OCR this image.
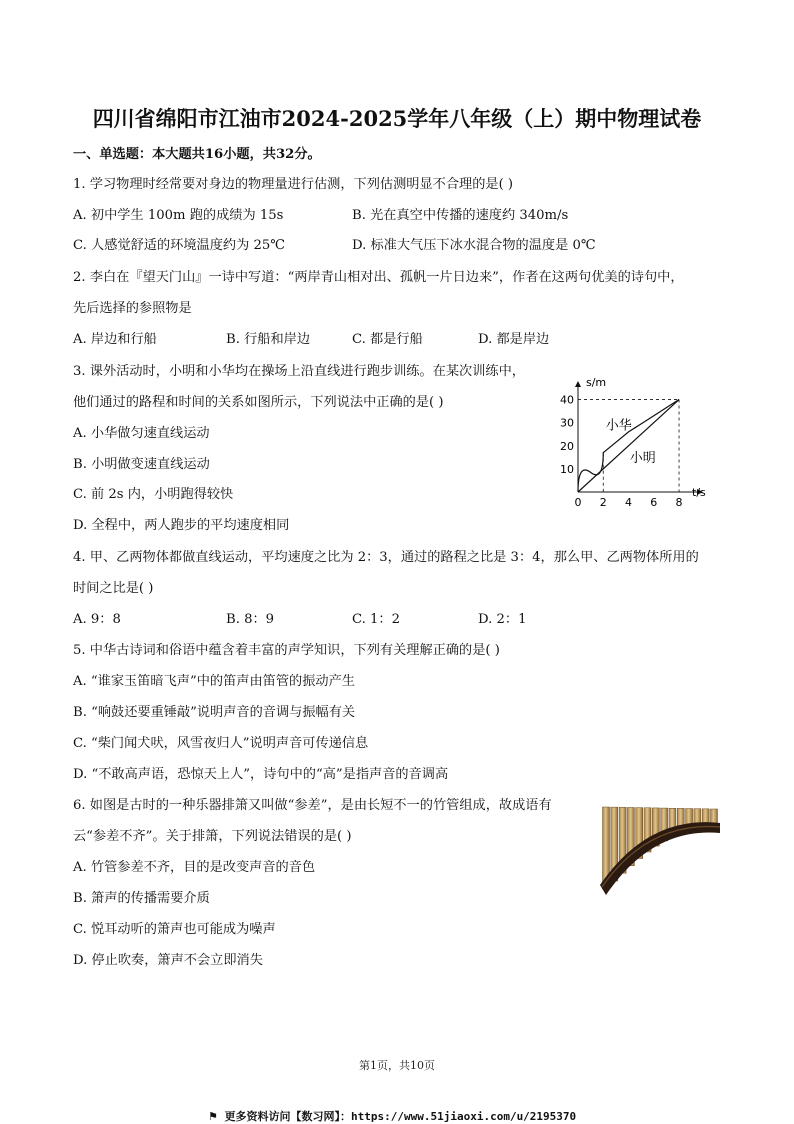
四川省绵阳市江油市2024-2025学年八年级（上）期中物理试卷
一、单选题：本大题共16小题，共32分。
1. 学习物理时经常要对身边的物理量进行估测，下列估测明显不合理的是( )
A. 初中学生 100m 跑的成绩为 15s	B. 光在真空中传播的速度约 340m/s
C. 人感觉舒适的环境温度约为 25℃	D. 标准大气压下冰水混合物的温度是 0℃
2. 李白在『望天门山』一诗中写道：“两岸青山相对出、孤帆一片日边来”，作者在这两句优美的诗句中，
先后选择的参照物是
A. 岸边和行船	B. 行船和岸边	C. 都是行船	D. 都是岸边
3. 课外活动时，小明和小华均在操场上沿直线进行跑步训练。在某次训练中，
他们通过的路程和时间的关系如图所示，下列说法中正确的是( )
A. 小华做匀速直线运动
B. 小明做变速直线运动
C. 前 2s 内，小明跑得较快
D. 全程中，两人跑步的平均速度相同
t/s
s/m
0 2 4 6 8
10
20
30
40
小华
小明
4. 甲、乙两物体都做直线运动，平均速度之比为 2：3，通过的路程之比是 3：4，那么甲、乙两物体所用的
时间之比是( )
A. 9：8	B. 8：9	C. 1：2	D. 2：1
5. 中华古诗词和俗语中蕴含着丰富的声学知识，下列有关理解正确的是( )
A. “谁家玉笛暗飞声”中的笛声由笛管的振动产生
B. “响鼓还要重锤敲”说明声音的音调与振幅有关
C. “柴门闻犬吠，风雪夜归人”说明声音可传递信息
D. “不敢高声语，恐惊天上人”，诗句中的“高”是指声音的音调高
6. 如图是古时的一种乐器排箫又叫做“参差”，是由长短不一的竹管组成，故成语有
云“参差不齐”。关于排箫，下列说法错误的是( )
A. 竹管参差不齐，目的是改变声音的音色
B. 箫声的传播需要介质
C. 悦耳动听的箫声也可能成为噪声
D. 停止吹奏，箫声不会立即消失
第1页，共10页
⚑ 更多资料访问【数习网】：https://www.51jiaoxi.com/u/2195370
